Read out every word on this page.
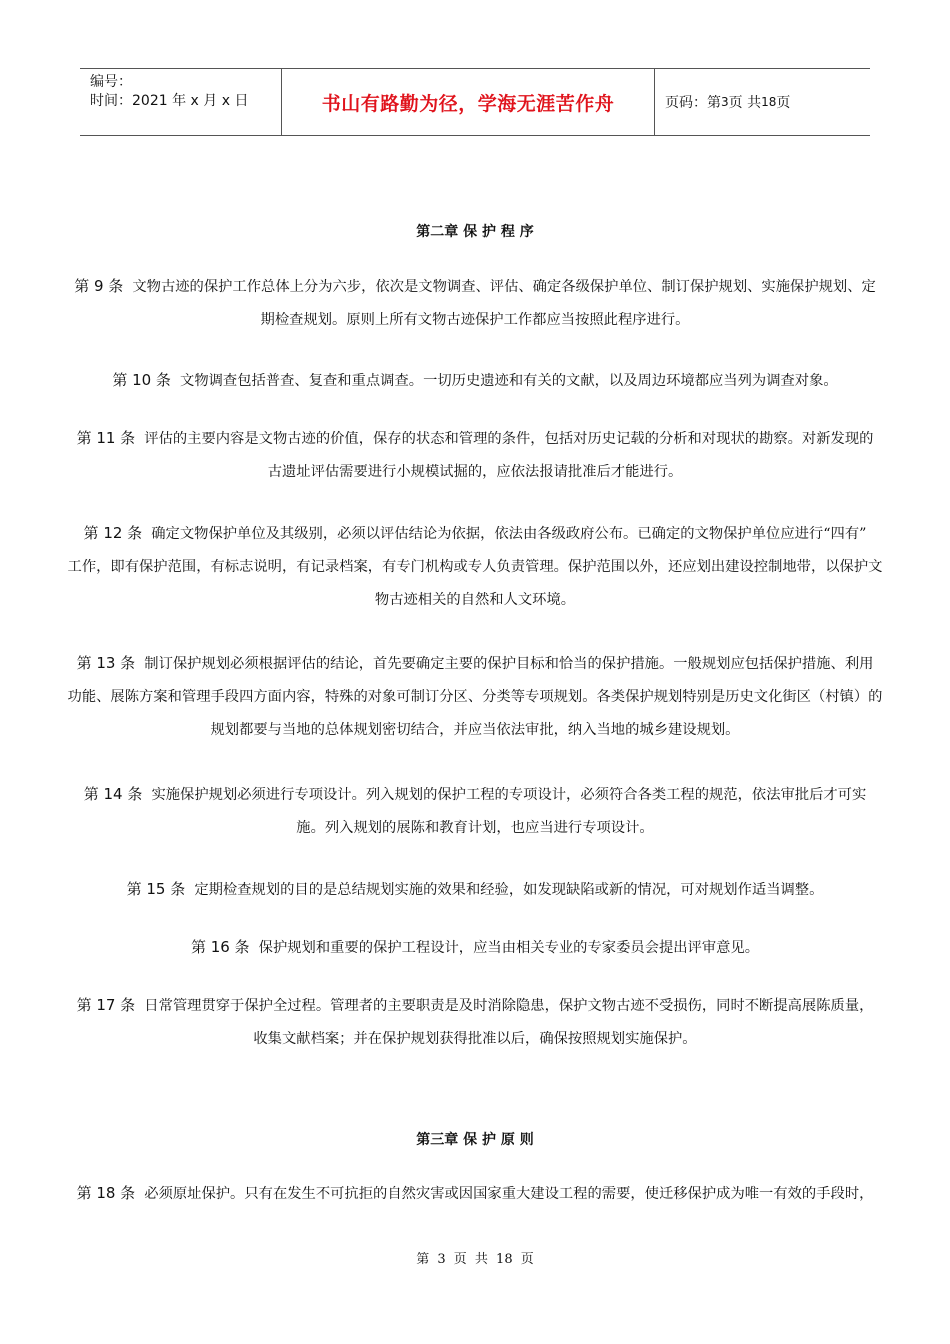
编号：
时间：2021 年 x 月 x 日	书山有路勤为径，学海无涯苦作舟	页码：第 3 页 共 18 页
第二章 保 护 程 序
第 9 条 文物古迹的保护工作总体上分为六步，依次是文物调查、评估、确定各级保护单位、制订保护规划、实施保护规划、定
期检查规划。原则上所有文物古迹保护工作都应当按照此程序进行。
第 10 条 文物调查包括普查、复查和重点调查。一切历史遗迹和有关的文献，以及周边环境都应当列为调查对象。
第 11 条 评估的主要内容是文物古迹的价值，保存的状态和管理的条件，包括对历史记载的分析和对现状的勘察。对新发现的
古遗址评估需要进行小规模试掘的，应依法报请批准后才能进行。
第 12 条 确定文物保护单位及其级别，必须以评估结论为依据，依法由各级政府公布。已确定的文物保护单位应进行“四有”
工作，即有保护范围，有标志说明，有记录档案，有专门机构或专人负责管理。保护范围以外，还应划出建设控制地带，以保护文
物古迹相关的自然和人文环境。
第 13 条 制订保护规划必须根据评估的结论，首先要确定主要的保护目标和恰当的保护措施。一般规划应包括保护措施、利用
功能、展陈方案和管理手段四方面内容，特殊的对象可制订分区、分类等专项规划。各类保护规划特别是历史文化街区（村镇）的
规划都要与当地的总体规划密切结合，并应当依法审批，纳入当地的城乡建设规划。
第 14 条 实施保护规划必须进行专项设计。列入规划的保护工程的专项设计，必须符合各类工程的规范，依法审批后才可实
施。列入规划的展陈和教育计划，也应当进行专项设计。
第 15 条 定期检查规划的目的是总结规划实施的效果和经验，如发现缺陷或新的情况，可对规划作适当调整。
第 16 条 保护规划和重要的保护工程设计，应当由相关专业的专家委员会提出评审意见。
第 17 条 日常管理贯穿于保护全过程。管理者的主要职责是及时消除隐患，保护文物古迹不受损伤，同时不断提高展陈质量，
收集文献档案；并在保护规划获得批准以后，确保按照规划实施保护。
第三章 保 护 原 则
第 18 条 必须原址保护。只有在发生不可抗拒的自然灾害或因国家重大建设工程的需要，使迁移保护成为唯一有效的手段时，
第 3 页 共 18 页
